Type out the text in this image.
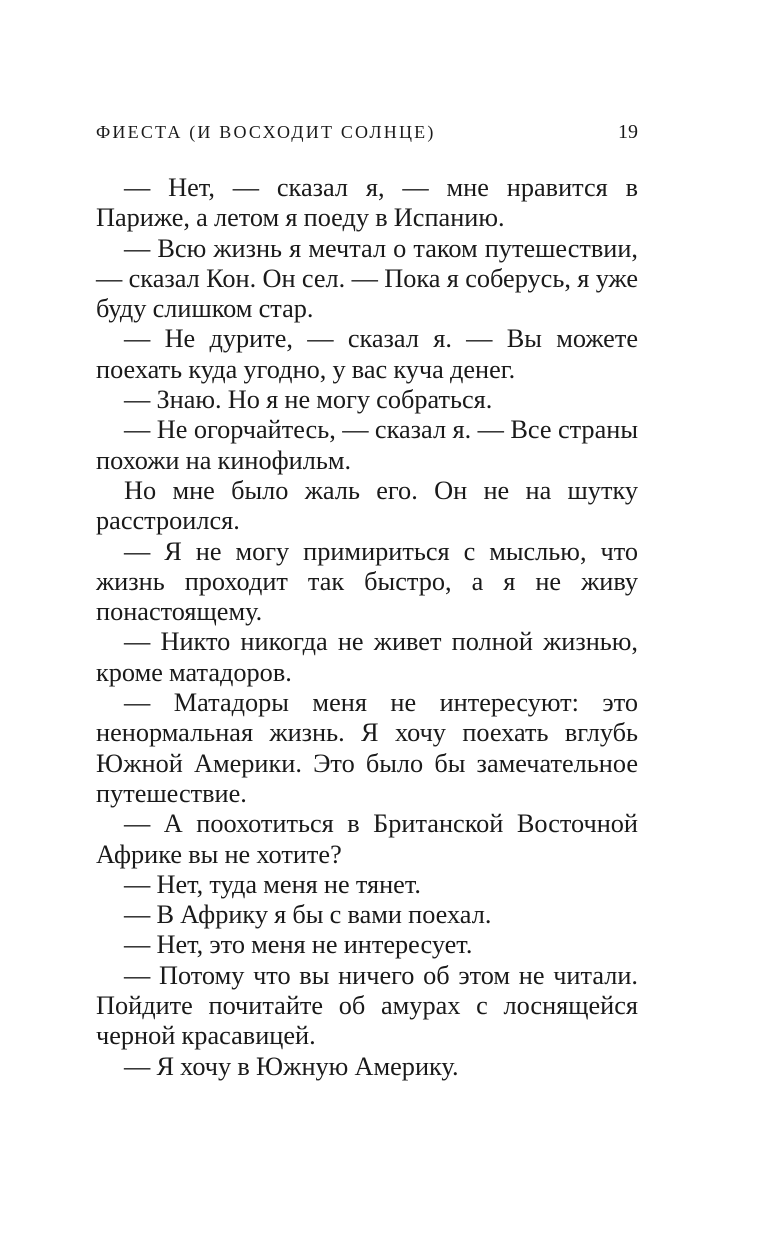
ФИЕСТА (И ВОСХОДИТ СОЛНЦЕ)	19

— Нет, — сказал я, — мне нравится в Париже, а летом я поеду в Испанию.

— Всю жизнь я мечтал о таком путешествии, — сказал Кон. Он сел. — Пока я соберусь, я уже буду слишком стар.

— Не дурите, — сказал я. — Вы можете поехать куда угодно, у вас куча денег.

— Знаю. Но я не могу собраться.

— Не огорчайтесь, — сказал я. — Все страны похожи на кинофильм.

Но мне было жаль его. Он не на шутку расстроился.

— Я не могу примириться с мыслью, что жизнь проходит так быстро, а я не живу понастоящему.

— Никто никогда не живет полной жизнью, кроме матадоров.

— Матадоры меня не интересуют: это ненормальная жизнь. Я хочу поехать вглубь Южной Америки. Это было бы замечательное путешествие.

— А поохотиться в Британской Восточной Африке вы не хотите?

— Нет, туда меня не тянет.

— В Африку я бы с вами поехал.

— Нет, это меня не интересует.

— Потому что вы ничего об этом не читали. Пойдите почитайте об амурах с лоснящейся черной красавицей.

— Я хочу в Южную Америку.
